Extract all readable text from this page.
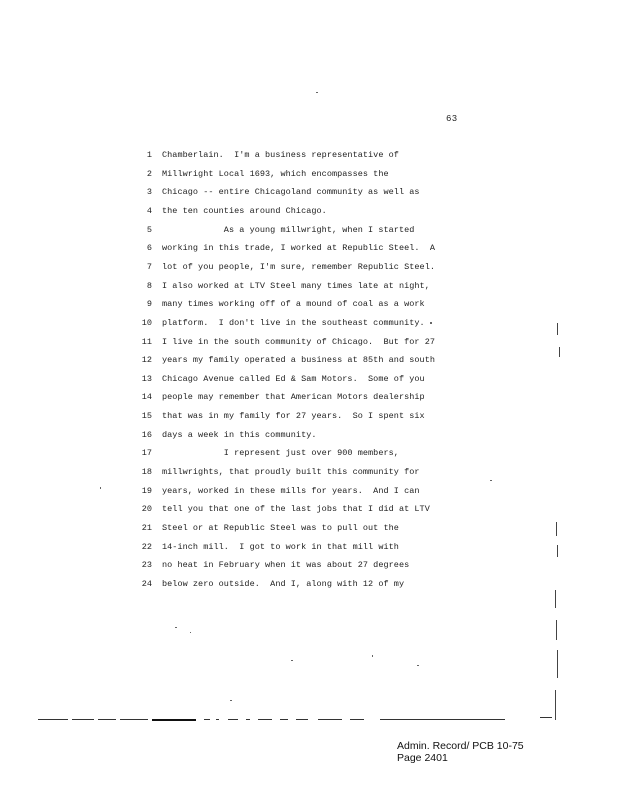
63
1 Chamberlain.  I'm a business representative of
2 Millwright Local 1693, which encompasses the
3 Chicago -- entire Chicagoland community as well as
4 the ten counties around Chicago.
5 As a young millwright, when I started
6 working in this trade, I worked at Republic Steel.  A
7 lot of you people, I'm sure, remember Republic Steel.
8 I also worked at LTV Steel many times late at night,
9 many times working off of a mound of coal as a work
10 platform.  I don't live in the southeast community.
11 I live in the south community of Chicago.  But for 27
12 years my family operated a business at 85th and south
13 Chicago Avenue called Ed & Sam Motors.  Some of you
14 people may remember that American Motors dealership
15 that was in my family for 27 years.  So I spent six
16 days a week in this community.
17 I represent just over 900 members,
18 millwrights, that proudly built this community for
19 years, worked in these mills for years.  And I can
20 tell you that one of the last jobs that I did at LTV
21 Steel or at Republic Steel was to pull out the
22 14-inch mill.  I got to work in that mill with
23 no heat in February when it was about 27 degrees
24 below zero outside.  And I, along with 12 of my
Admin. Record/ PCB 10-75
Page 2401
